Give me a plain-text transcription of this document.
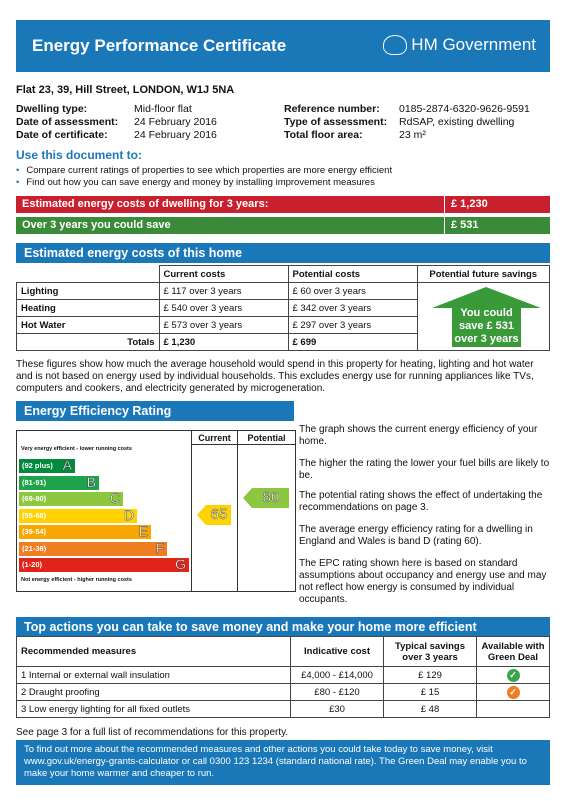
Energy Performance Certificate	HM Government
Flat 23, 39, Hill Street, LONDON, W1J 5NA
Dwelling type:	Mid-floor flat
Date of assessment: 24 February 2016
Date of certificate:	24 February 2016
Reference number: 0185-2874-6320-9626-9591
Type of assessment: RdSAP, existing dwelling
Total floor area:	23 m²
Use this document to:
• Compare current ratings of properties to see which properties are more energy efficient
• Find out how you can save energy and money by installing improvement measures
Estimated energy costs of dwelling for 3 years:	£ 1,230
Over 3 years you could save	£ 531
Estimated energy costs of this home
	Current costs	Potential costs	Potential future savings
Lighting	£ 117 over 3 years	£ 60 over 3 years	
Heating	£ 540 over 3 years	£ 342 over 3 years	
Hot Water	£ 573 over 3 years	£ 297 over 3 years	
Totals	£ 1,230	£ 699	
You could
save £ 531
over 3 years
These figures show how much the average household would spend in this property for heating, lighting and hot water and is not based on energy used by individual households. This excludes energy use for running appliances like TVs, computers and cookers, and electricity generated by microgeneration.
Energy Efficiency Rating
Current	Potential
Very energy efficient - lower running costs
Not energy efficient - higher running costs
(92 plus) A
(81-91)	B
(69-80)	C
(55-68)	D
(39-54)	E
(21-38)	F
(1-20)	G
65
80
The graph shows the current energy efficiency of your home.
The higher the rating the lower your fuel bills are likely to be.
The potential rating shows the effect of undertaking the recommendations on page 3.
The average energy efficiency rating for a dwelling in England and Wales is band D (rating 60).
The EPC rating shown here is based on standard assumptions about occupancy and energy use and may not reflect how energy is consumed by individual occupants.
Top actions you can take to save money and make your home more efficient
Recommended measures	Indicative cost	Typical savings over 3 years	Available with Green Deal
1 Internal or external wall insulation	£4,000 - £14,000	£ 129	✓
2 Draught proofing	£80 - £120	£ 15	✓
3 Low energy lighting for all fixed outlets	£30	£ 48	
See page 3 for a full list of recommendations for this property.
To find out more about the recommended measures and other actions you could take today to save money, visit www.gov.uk/energy-grants-calculator or call 0300 123 1234 (standard national rate). The Green Deal may enable you to make your home warmer and cheaper to run.
